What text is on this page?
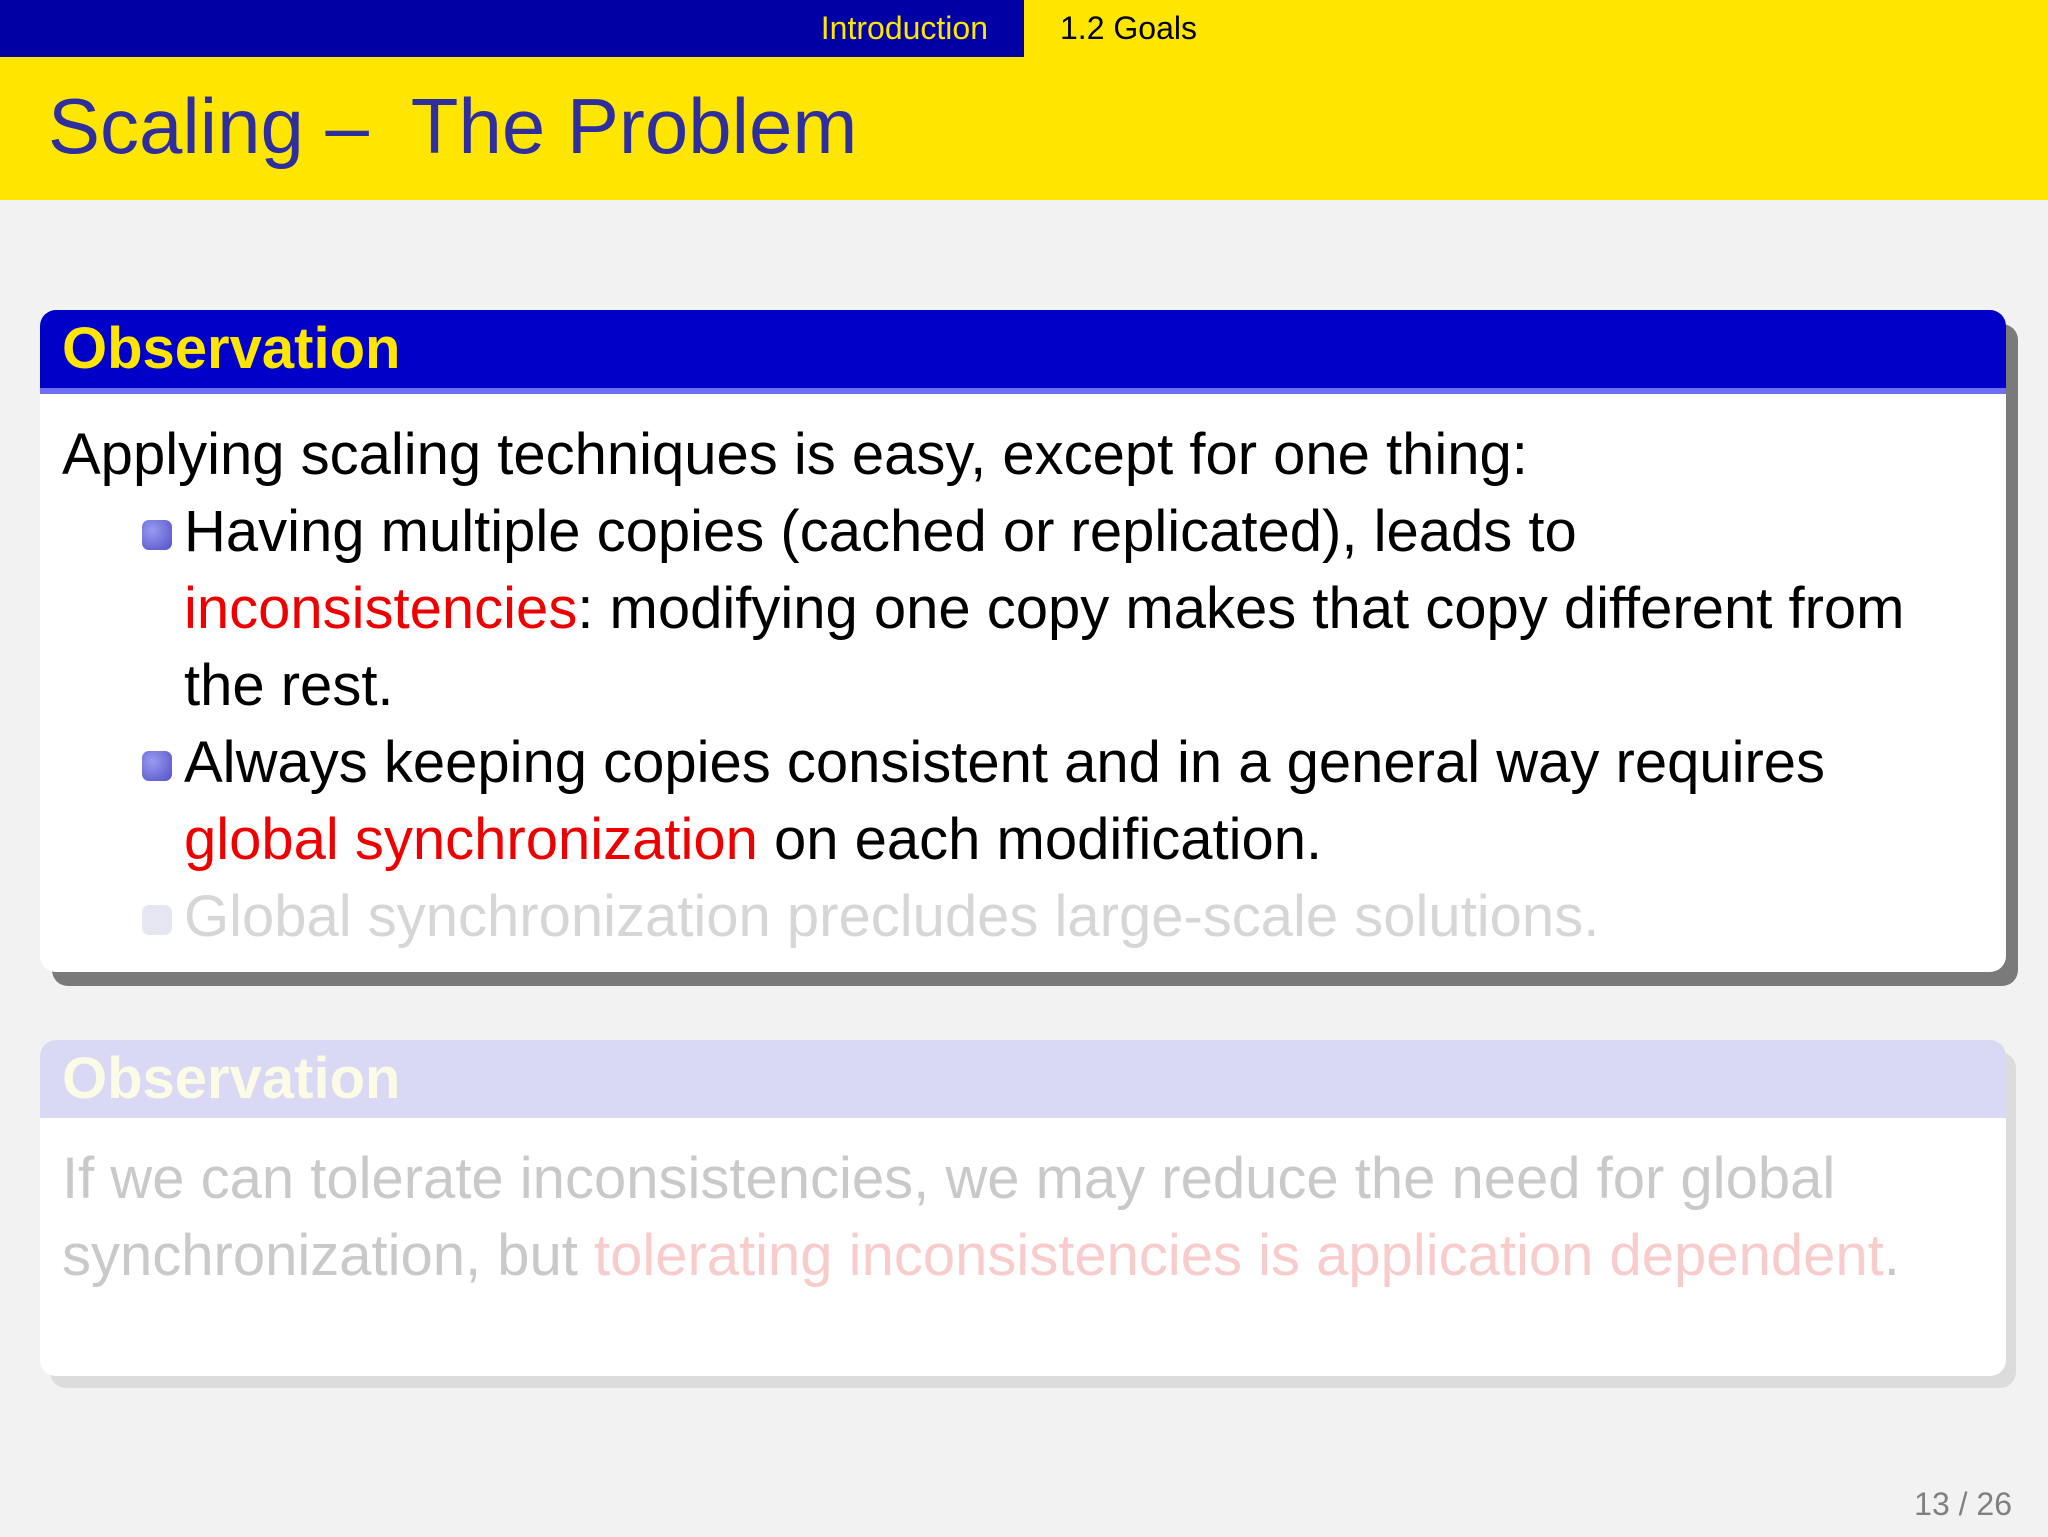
Introduction 1.2 Goals
Scaling –  The Problem
Observation
Applying scaling techniques is easy, except for one thing:
Having multiple copies (cached or replicated), leads to inconsistencies: modifying one copy makes that copy different from the rest.
Always keeping copies consistent and in a general way requires global synchronization on each modification.
Global synchronization precludes large-scale solutions.
Observation
If we can tolerate inconsistencies, we may reduce the need for global synchronization, but tolerating inconsistencies is application dependent.
13 / 26
